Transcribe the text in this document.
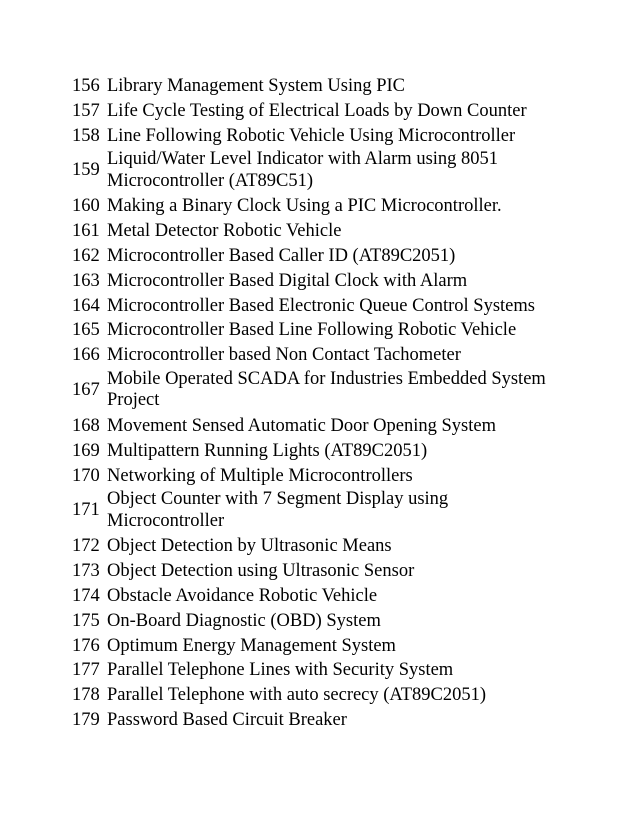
156 Library Management System Using PIC
157 Life Cycle Testing of Electrical Loads by Down Counter
158 Line Following Robotic Vehicle Using Microcontroller
159
Liquid/Water Level Indicator with Alarm using 8051
Microcontroller (AT89C51)
160 Making a Binary Clock Using a PIC Microcontroller.
161 Metal Detector Robotic Vehicle
162 Microcontroller Based Caller ID (AT89C2051)
163 Microcontroller Based Digital Clock with Alarm
164 Microcontroller Based Electronic Queue Control Systems
165 Microcontroller Based Line Following Robotic Vehicle
166 Microcontroller based Non Contact Tachometer
167
Mobile Operated SCADA for Industries Embedded System
Project
168 Movement Sensed Automatic Door Opening System
169 Multipattern Running Lights (AT89C2051)
170 Networking of Multiple Microcontrollers
171
Object Counter with 7 Segment Display using
Microcontroller
172 Object Detection by Ultrasonic Means
173 Object Detection using Ultrasonic Sensor
174 Obstacle Avoidance Robotic Vehicle
175 On-Board Diagnostic (OBD) System
176 Optimum Energy Management System
177 Parallel Telephone Lines with Security System
178 Parallel Telephone with auto secrecy (AT89C2051)
179 Password Based Circuit Breaker
